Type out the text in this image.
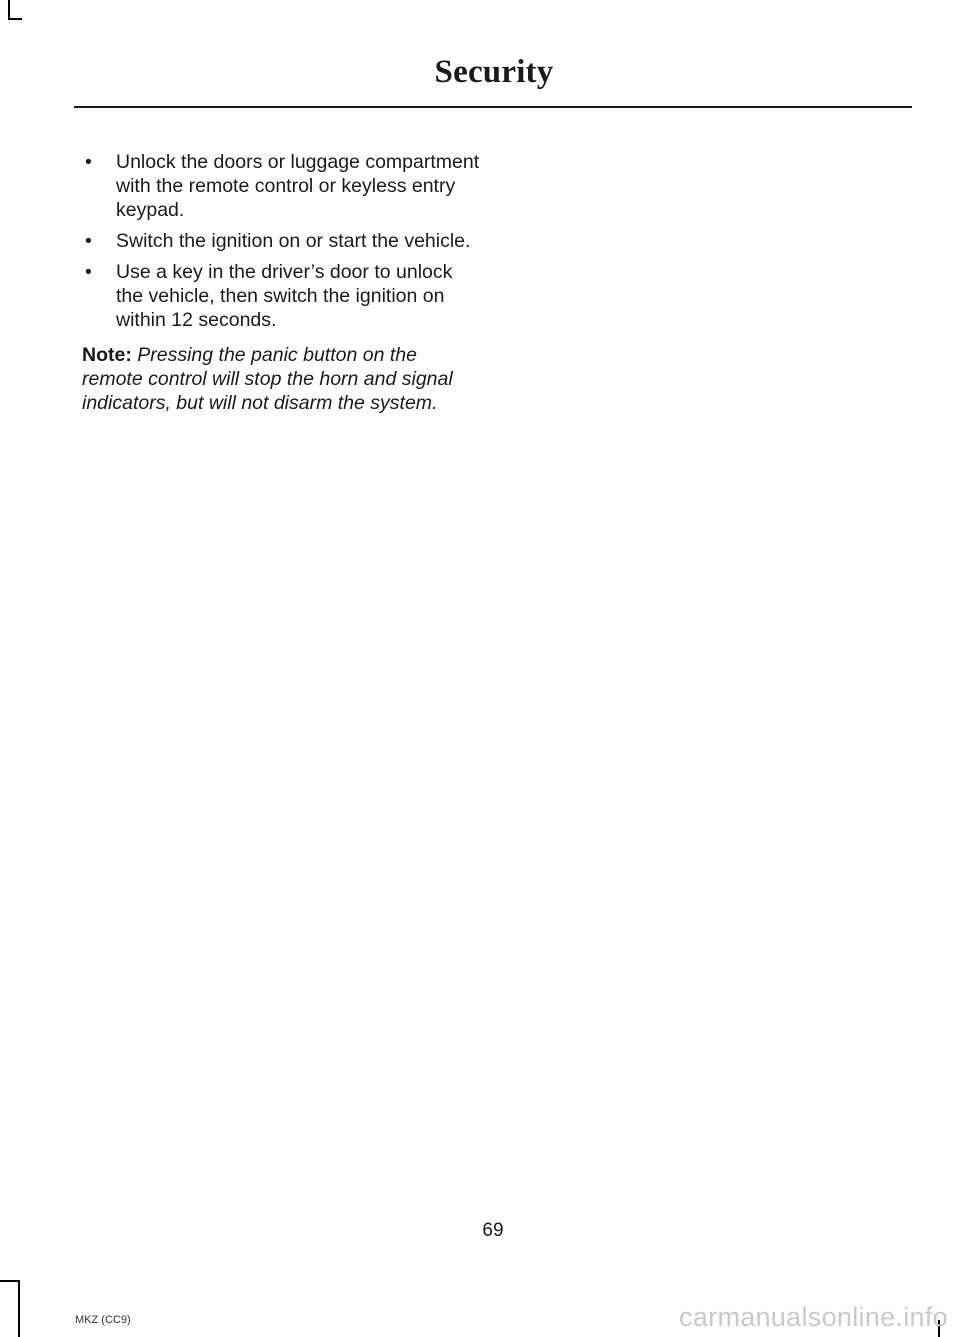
Security
• Unlock the doors or luggage compartment with the remote control or keyless entry keypad.
• Switch the ignition on or start the vehicle.
• Use a key in the driver’s door to unlock the vehicle, then switch the ignition on within 12 seconds.

Note: Pressing the panic button on the remote control will stop the horn and signal indicators, but will not disarm the system.

69
MKZ (CC9)	carmanualsonline.info
